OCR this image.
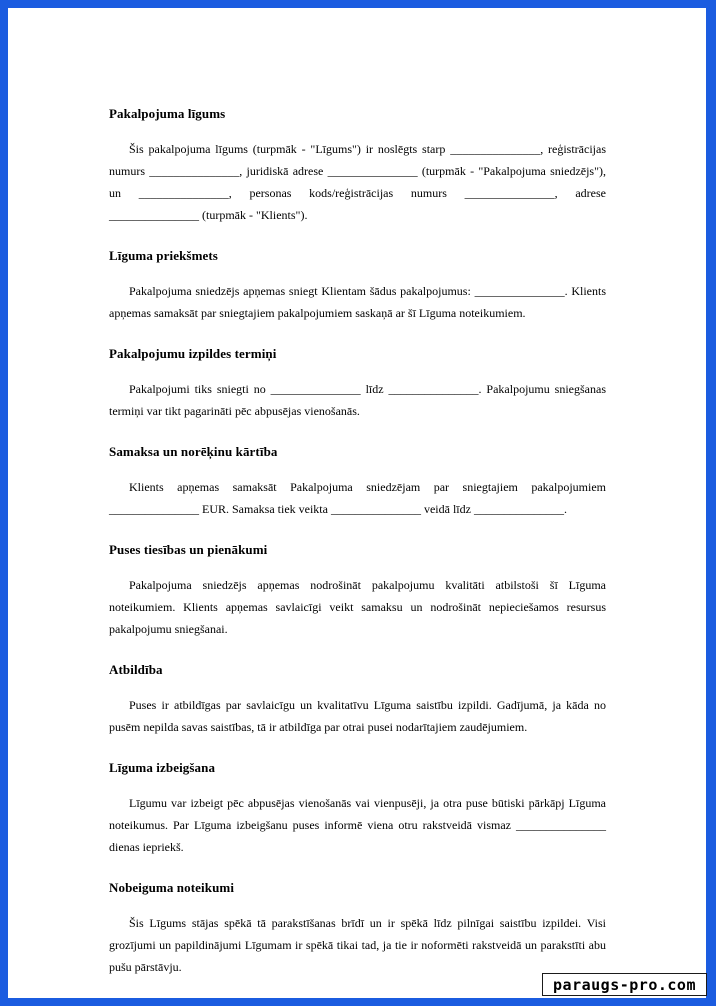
Pakalpojuma līgums

Šis pakalpojuma līgums (turpmāk - "Līgums") ir noslēgts starp _______________, reģistrācijas numurs _______________, juridiskā adrese _______________ (turpmāk - "Pakalpojuma sniedzējs"), un _______________, personas kods/reģistrācijas numurs _______________, adrese _______________ (turpmāk - "Klients").

Līguma priekšmets

Pakalpojuma sniedzējs apņemas sniegt Klientam šādus pakalpojumus: _______________. Klients apņemas samaksāt par sniegtajiem pakalpojumiem saskaņā ar šī Līguma noteikumiem.

Pakalpojumu izpildes termiņi

Pakalpojumi tiks sniegti no _______________ līdz _______________. Pakalpojumu sniegšanas termiņi var tikt pagarināti pēc abpusējas vienošanās.

Samaksa un norēķinu kārtība

Klients apņemas samaksāt Pakalpojuma sniedzējam par sniegtajiem pakalpojumiem _______________ EUR. Samaksa tiek veikta _______________ veidā līdz _______________.

Puses tiesības un pienākumi

Pakalpojuma sniedzējs apņemas nodrošināt pakalpojumu kvalitāti atbilstoši šī Līguma noteikumiem. Klients apņemas savlaicīgi veikt samaksu un nodrošināt nepieciešamos resursus pakalpojumu sniegšanai.

Atbildība

Puses ir atbildīgas par savlaicīgu un kvalitatīvu Līguma saistību izpildi. Gadījumā, ja kāda no pusēm nepilda savas saistības, tā ir atbildīga par otrai pusei nodarītajiem zaudējumiem.

Līguma izbeigšana

Līgumu var izbeigt pēc abpusējas vienošanās vai vienpusēji, ja otra puse būtiski pārkāpj Līguma noteikumus. Par Līguma izbeigšanu puses informē viena otru rakstveidā vismaz _______________ dienas iepriekš.

Nobeiguma noteikumi

Šis Līgums stājas spēkā tā parakstīšanas brīdī un ir spēkā līdz pilnīgai saistību izpildei. Visi grozījumi un papildinājumi Līgumam ir spēkā tikai tad, ja tie ir noformēti rakstveidā un parakstīti abu pušu pārstāvju.

paraugs-pro.com
